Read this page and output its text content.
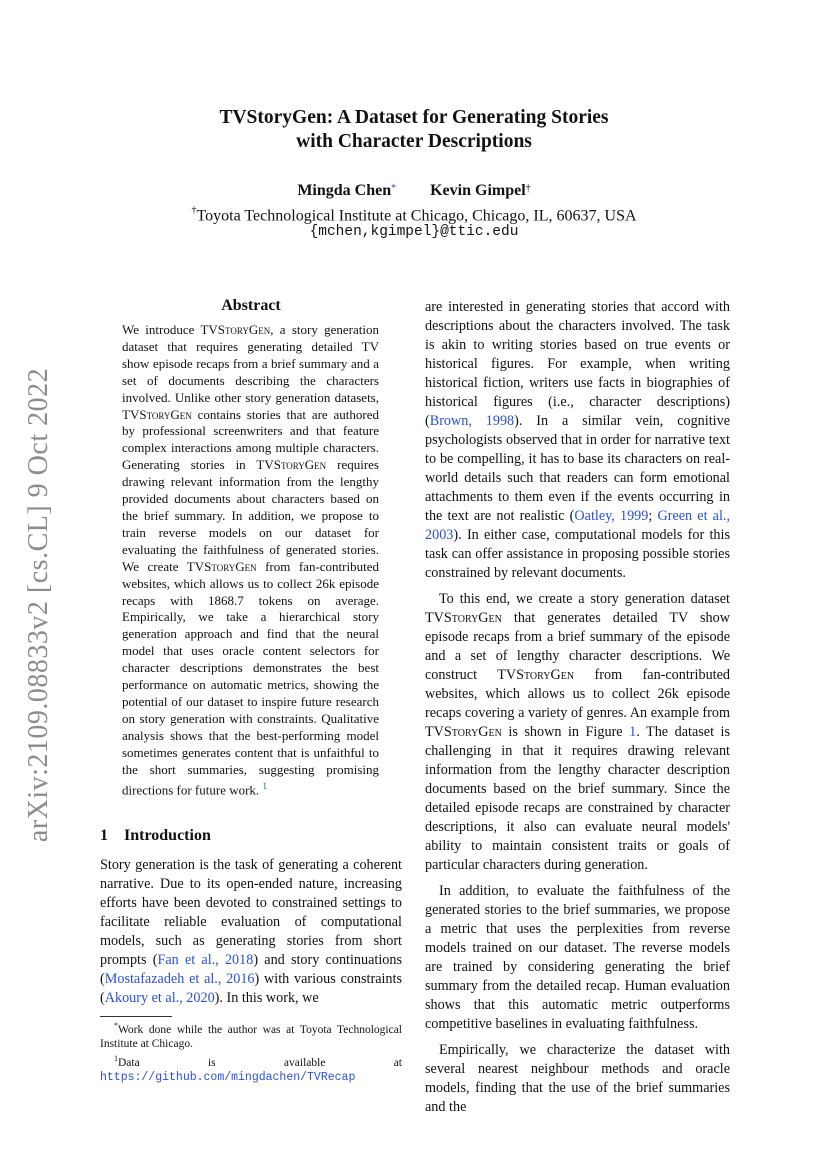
arXiv:2109.08833v2 [cs.CL] 9 Oct 2022
TVStoryGen: A Dataset for Generating Stories
with Character Descriptions
Mingda Chen* Kevin Gimpel†
†Toyota Technological Institute at Chicago, Chicago, IL, 60637, USA
{mchen,kgimpel}@ttic.edu
Abstract
We introduce TVStoryGen, a story generation dataset that requires generating detailed TV show episode recaps from a brief summary and a set of documents describing the characters involved. Unlike other story generation datasets, TVStoryGen contains stories that are authored by professional screenwriters and that feature complex interactions among multiple characters. Generating stories in TVStoryGen requires drawing relevant information from the lengthy provided documents about characters based on the brief summary. In addition, we propose to train reverse models on our dataset for evaluating the faithfulness of generated stories. We create TVStoryGen from fan-contributed websites, which allows us to collect 26k episode recaps with 1868.7 tokens on average. Empirically, we take a hierarchical story generation approach and find that the neural model that uses oracle content selectors for character descriptions demonstrates the best performance on automatic metrics, showing the potential of our dataset to inspire future research on story generation with constraints. Qualitative analysis shows that the best-performing model sometimes generates content that is unfaithful to the short summaries, suggesting promising directions for future work. $^1$
1 Introduction

Story generation is the task of generating a coherent narrative. Due to its open-ended nature, increasing efforts have been devoted to constrained settings to facilitate reliable evaluation of computational models, such as generating stories from short prompts (Fan et al., 2018) and story continuations (Mostafazadeh et al., 2016) with various constraints (Akoury et al., 2020). In this work, we

are interested in generating stories that accord with descriptions about the characters involved. The task is akin to writing stories based on true events or historical figures. For example, when writing historical fiction, writers use facts in biographies of historical figures (i.e., character descriptions) (Brown, 1998). In a similar vein, cognitive psychologists observed that in order for narrative text to be compelling, it has to base its characters on real-world details such that readers can form emotional attachments to them even if the events occurring in the text are not realistic (Oatley, 1999; Green et al., 2003). In either case, computational models for this task can offer assistance in proposing possible stories constrained by relevant documents.

To this end, we create a story generation dataset TVStoryGen that generates detailed TV show episode recaps from a brief summary of the episode and a set of lengthy character descriptions. We construct TVStoryGen from fan-contributed websites, which allows us to collect 26k episode recaps covering a variety of genres. An example from TVStoryGen is shown in Figure 1. The dataset is challenging in that it requires drawing relevant information from the lengthy character description documents based on the brief summary. Since the detailed episode recaps are constrained by character descriptions, it also can evaluate neural models' ability to maintain consistent traits or goals of particular characters during generation.

In addition, to evaluate the faithfulness of the generated stories to the brief summaries, we propose a metric that uses the perplexities from reverse models trained on our dataset. The reverse models are trained by considering generating the brief summary from the detailed recap. Human evaluation shows that this automatic metric outperforms competitive baselines in evaluating faithfulness.

Empirically, we characterize the dataset with several nearest neighbour methods and oracle models, finding that the use of the brief summaries and the

*Work done while the author was at Toyota Technological Institute at Chicago.

$^1$Data is available at https://github.com/mingdachen/TVRecap
